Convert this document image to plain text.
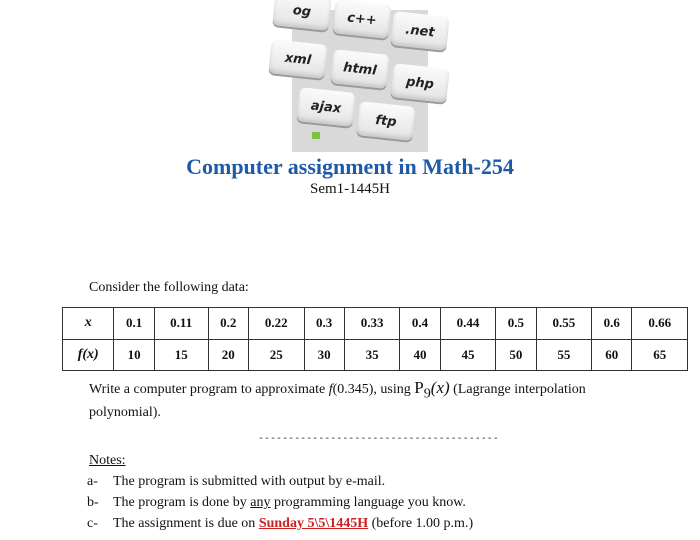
og	c++
.net
xml
html
php
ajax
ftp
Computer assignment in Math-254
Sem1-1445H
Consider the following data:
x	0.1	0.11	0.2	0.22	0.3	0.33	0.4	0.44	0.5	0.55	0.6	0.66
f(x)	10	15	20	25	30	35	40	45	50	55	60	65
Write a computer program to approximate f(0.345), using $P_9(x)$ (Lagrange interpolation polynomial).
----------------------------------------
Notes:
a-	The program is submitted with output by e-mail.
b-	The program is done by any programming language you know.
c-	The assignment is due on Sunday 5\5\1445H (before 1.00 p.m.)
